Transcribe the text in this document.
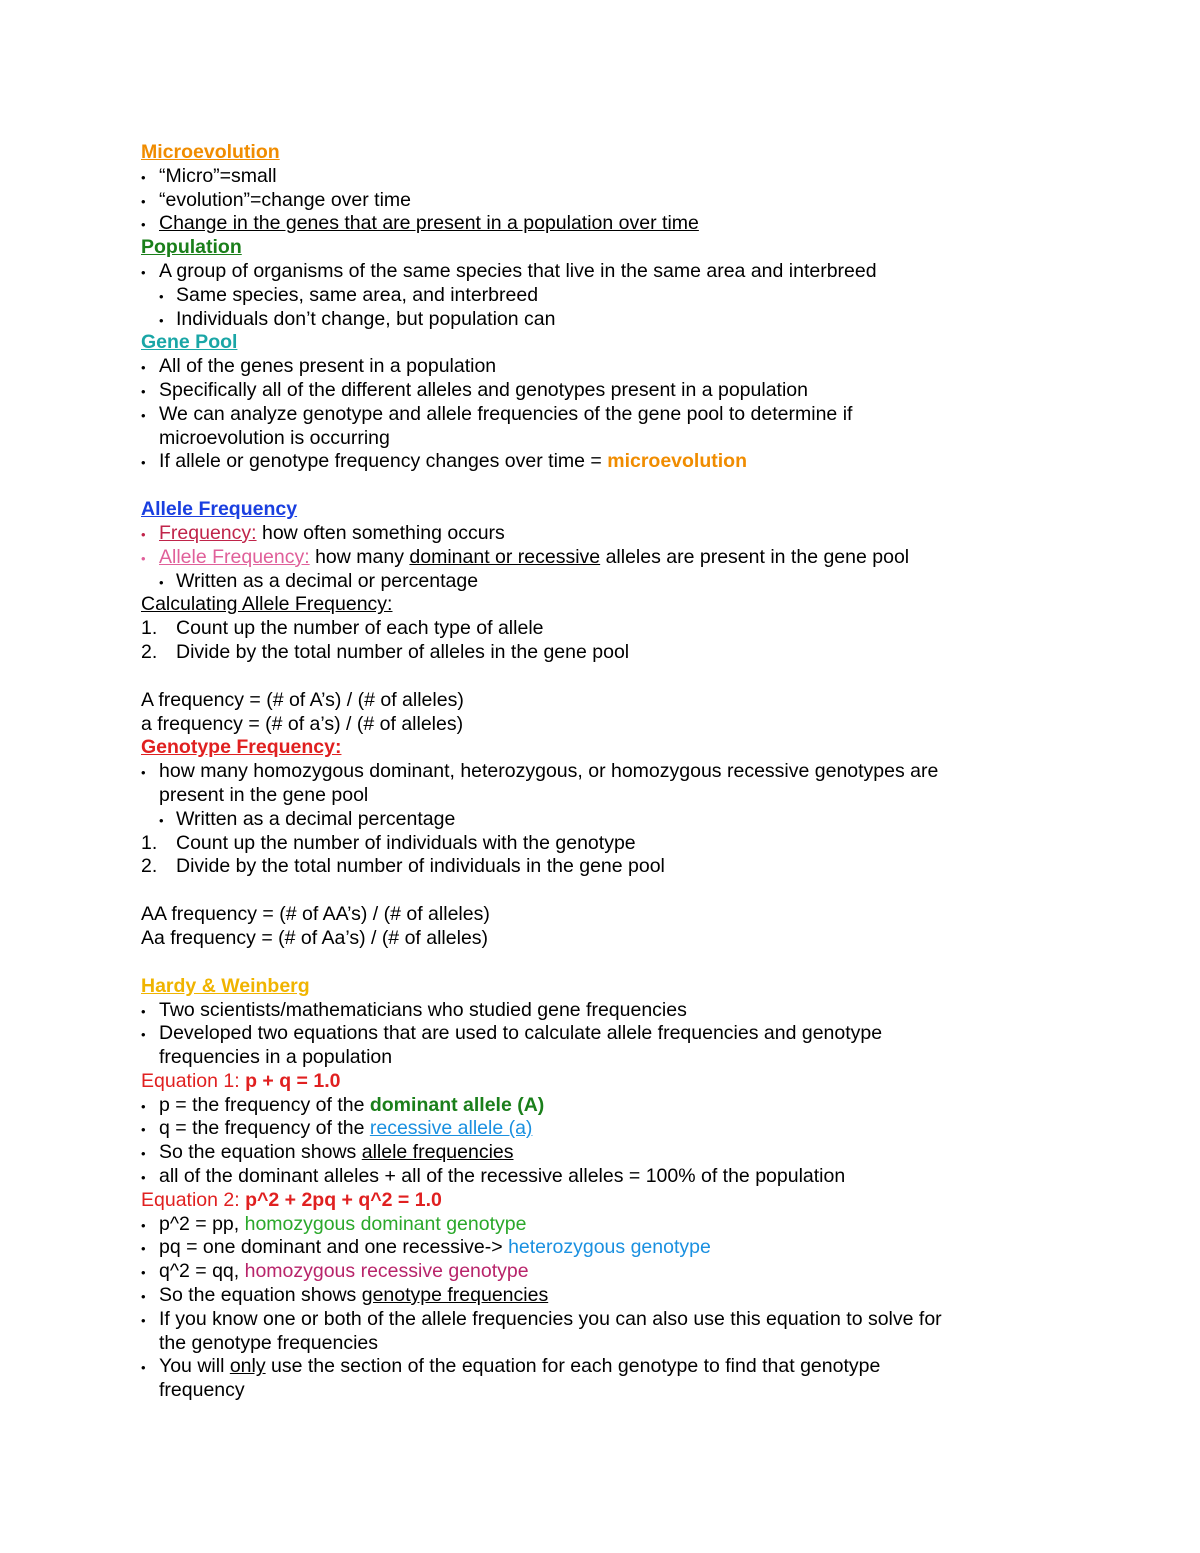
Microevolution
• “Micro”=small
• “evolution”=change over time
• Change in the genes that are present in a population over time
Population
• A group of organisms of the same species that live in the same area and interbreed
• Same species, same area, and interbreed
• Individuals don’t change, but population can
Gene Pool
• All of the genes present in a population
• Specifically all of the different alleles and genotypes present in a population
• We can analyze genotype and allele frequencies of the gene pool to determine if
microevolution is occurring
• If allele or genotype frequency changes over time = microevolution
Allele Frequency
• Frequency: how often something occurs
• Allele Frequency: how many dominant or recessive alleles are present in the gene pool
• Written as a decimal or percentage
Calculating Allele Frequency:
1. Count up the number of each type of allele
2. Divide by the total number of alleles in the gene pool
A frequency = (# of A’s) / (# of alleles)
a frequency = (# of a’s) / (# of alleles)
Genotype Frequency:
• how many homozygous dominant, heterozygous, or homozygous recessive genotypes are
present in the gene pool
• Written as a decimal percentage
1. Count up the number of individuals with the genotype
2. Divide by the total number of individuals in the gene pool
AA frequency = (# of AA’s) / (# of alleles)
Aa frequency = (# of Aa’s) / (# of alleles)
Hardy & Weinberg
• Two scientists/mathematicians who studied gene frequencies
• Developed two equations that are used to calculate allele frequencies and genotype
frequencies in a population
Equation 1: p + q = 1.0
• p = the frequency of the dominant allele (A)
• q = the frequency of the recessive allele (a)
• So the equation shows allele frequencies
• all of the dominant alleles + all of the recessive alleles = 100% of the population
Equation 2: p^2 + 2pq + q^2 = 1.0
• p^2 = pp, homozygous dominant genotype
• pq = one dominant and one recessive-> heterozygous genotype
• q^2 = qq, homozygous recessive genotype
• So the equation shows genotype frequencies
• If you know one or both of the allele frequencies you can also use this equation to solve for
the genotype frequencies
• You will only use the section of the equation for each genotype to find that genotype
frequency
